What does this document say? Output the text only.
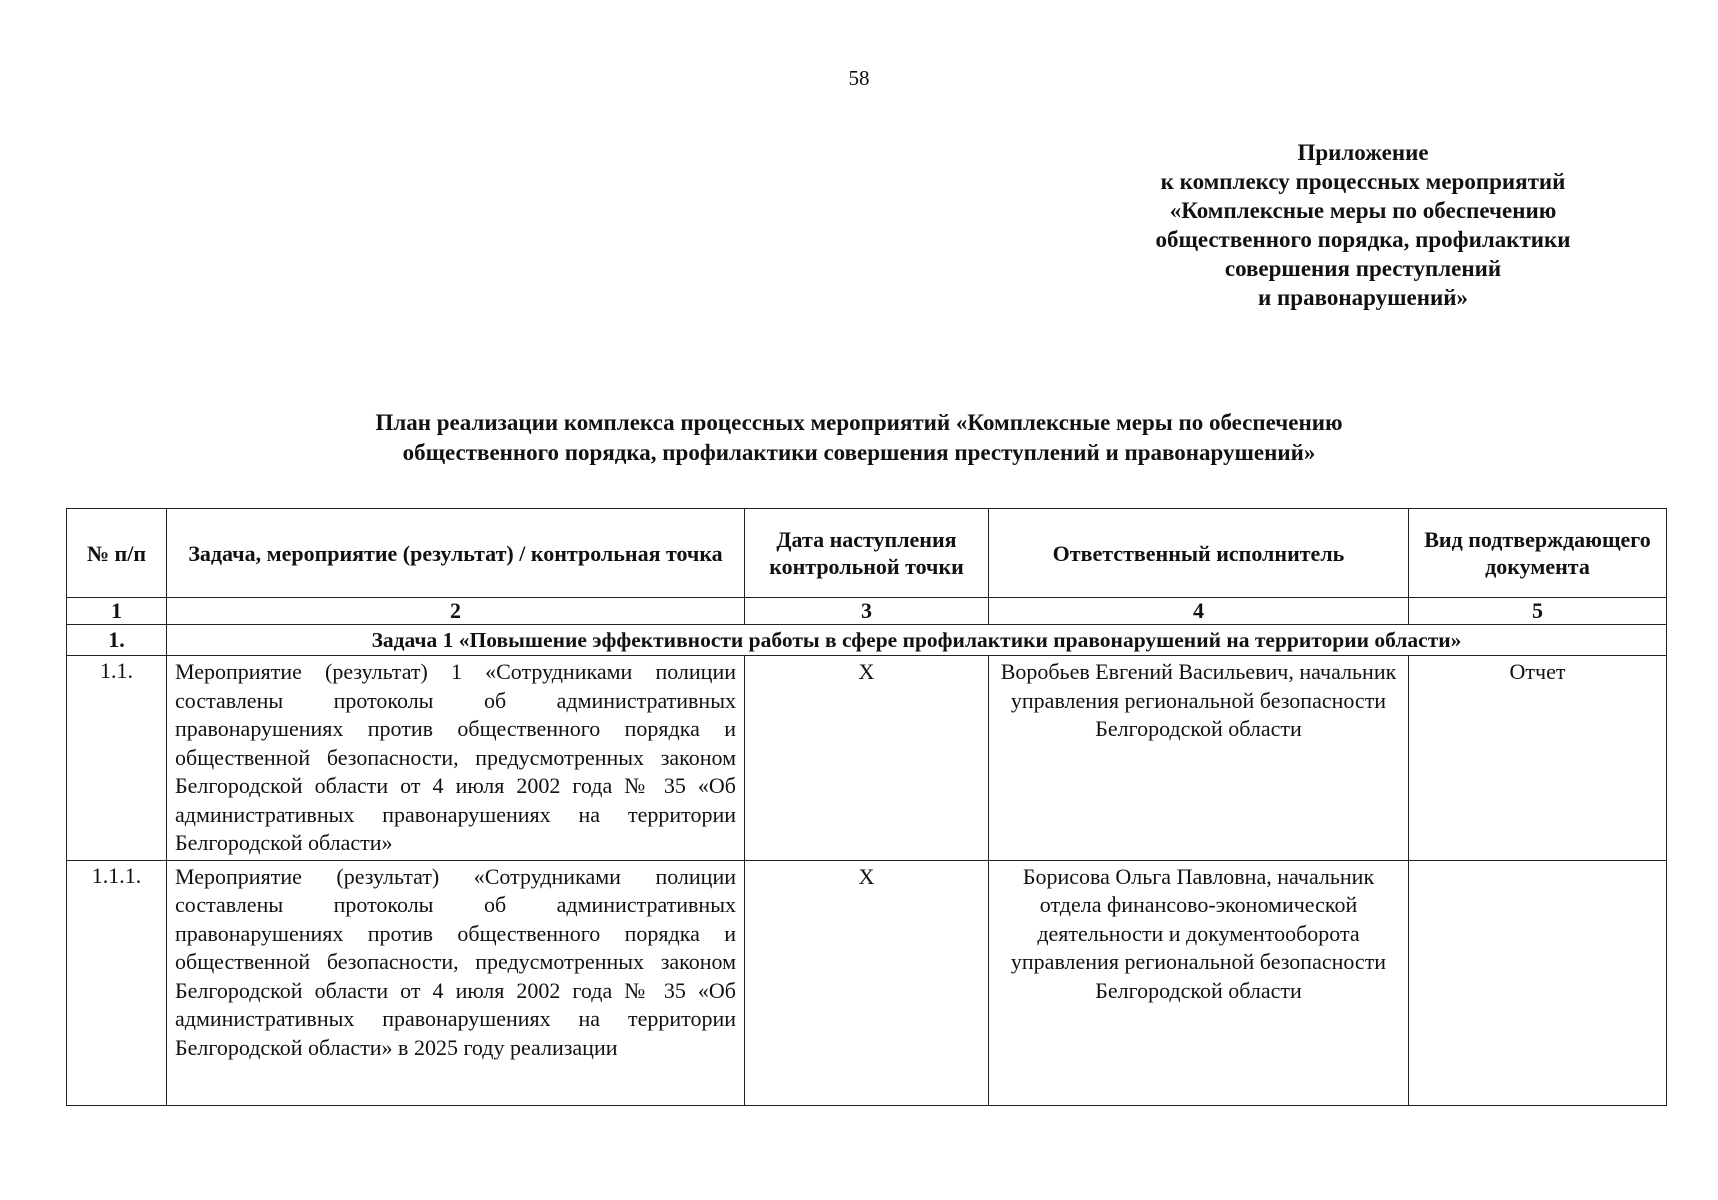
58
Приложение
к комплексу процессных мероприятий
«Комплексные меры по обеспечению
общественного порядка, профилактики
совершения преступлений
и правонарушений»
План реализации комплекса процессных мероприятий «Комплексные меры по обеспечению
общественного порядка, профилактики совершения преступлений и правонарушений»
№ п/п	Задача, мероприятие (результат) / контрольная точка	Дата наступления контрольной точки	Ответственный исполнитель	Вид подтверждающего документа
1	2	3	4	5
1.	Задача 1 «Повышение эффективности работы в сфере профилактики правонарушений на территории области»			
1.1.	Мероприятие (результат) 1 «Сотрудниками полиции составлены протоколы об административных правонарушениях против общественного порядка и общественной безопасности, предусмотренных законом Белгородской области от 4 июля 2002 года № 35 «Об административных правонарушениях на территории Белгородской области»	Х	Воробьев Евгений Васильевич, начальник управления региональной безопасности Белгородской области	Отчет
1.1.1.	Мероприятие (результат) «Сотрудниками полиции составлены протоколы об административных правонарушениях против общественного порядка и общественной безопасности, предусмотренных законом Белгородской области от 4 июля 2002 года № 35 «Об административных правонарушениях на территории Белгородской области» в 2025 году реализации	Х	Борисова Ольга Павловна, начальник отдела финансово-экономической деятельности и документооборота управления региональной безопасности Белгородской области	
